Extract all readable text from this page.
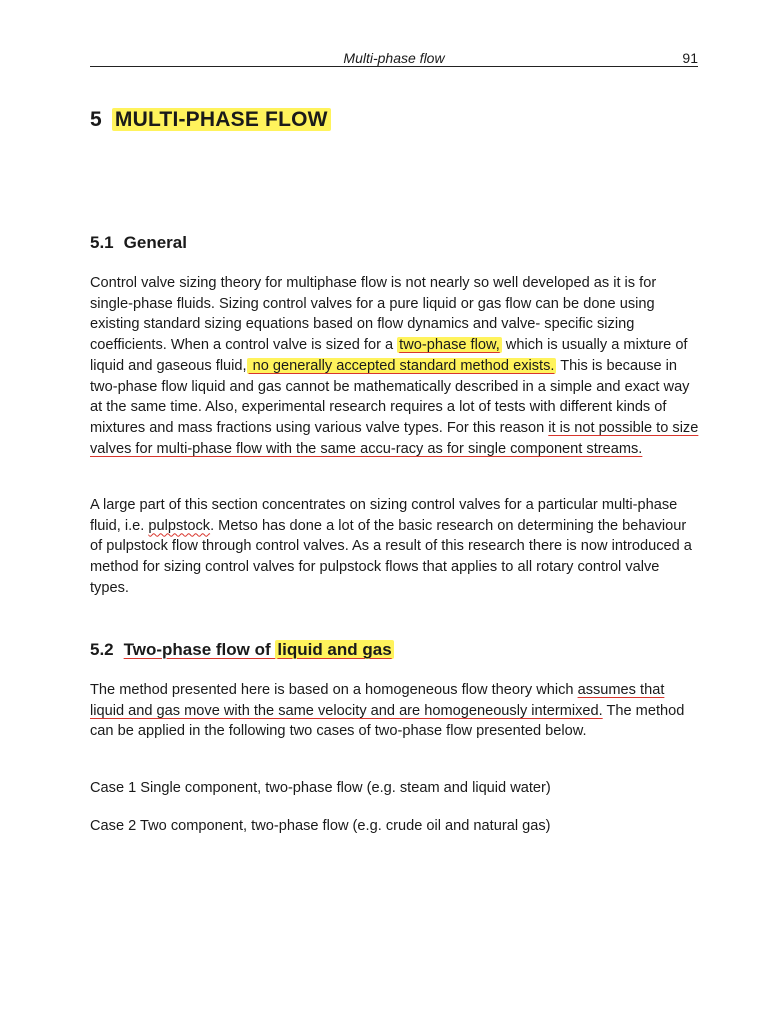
Multi-phase flow	91
5 MULTI-PHASE FLOW
5.1 General

Control valve sizing theory for multiphase flow is not nearly so well developed as it is for single-phase fluids. Sizing control valves for a pure liquid or gas flow can be done using existing standard sizing equations based on flow dynamics and valve- specific sizing coefficients. When a control valve is sized for a two-phase flow, which is usually a mixture of liquid and gaseous fluid, no generally accepted standard method exists. This is because in two-phase flow liquid and gas cannot be mathematically described in a simple and exact way at the same time. Also, experimental research requires a lot of tests with different kinds of mixtures and mass fractions using various valve types. For this reason it is not possible to size valves for multi-phase flow with the same accu-racy as for single component streams.

A large part of this section concentrates on sizing control valves for a particular multi-phase fluid, i.e. pulpstock. Metso has done a lot of the basic research on determining the behaviour of pulpstock flow through control valves. As a result of this research there is now introduced a method for sizing control valves for pulpstock flows that applies to all rotary control valve types.

5.2 Two-phase flow of liquid and gas

The method presented here is based on a homogeneous flow theory which assumes that liquid and gas move with the same velocity and are homogeneously intermixed. The method can be applied in the following two cases of two-phase flow presented below.

Case 1 Single component, two-phase flow (e.g. steam and liquid water)
Case 2 Two component, two-phase flow (e.g. crude oil and natural gas)
